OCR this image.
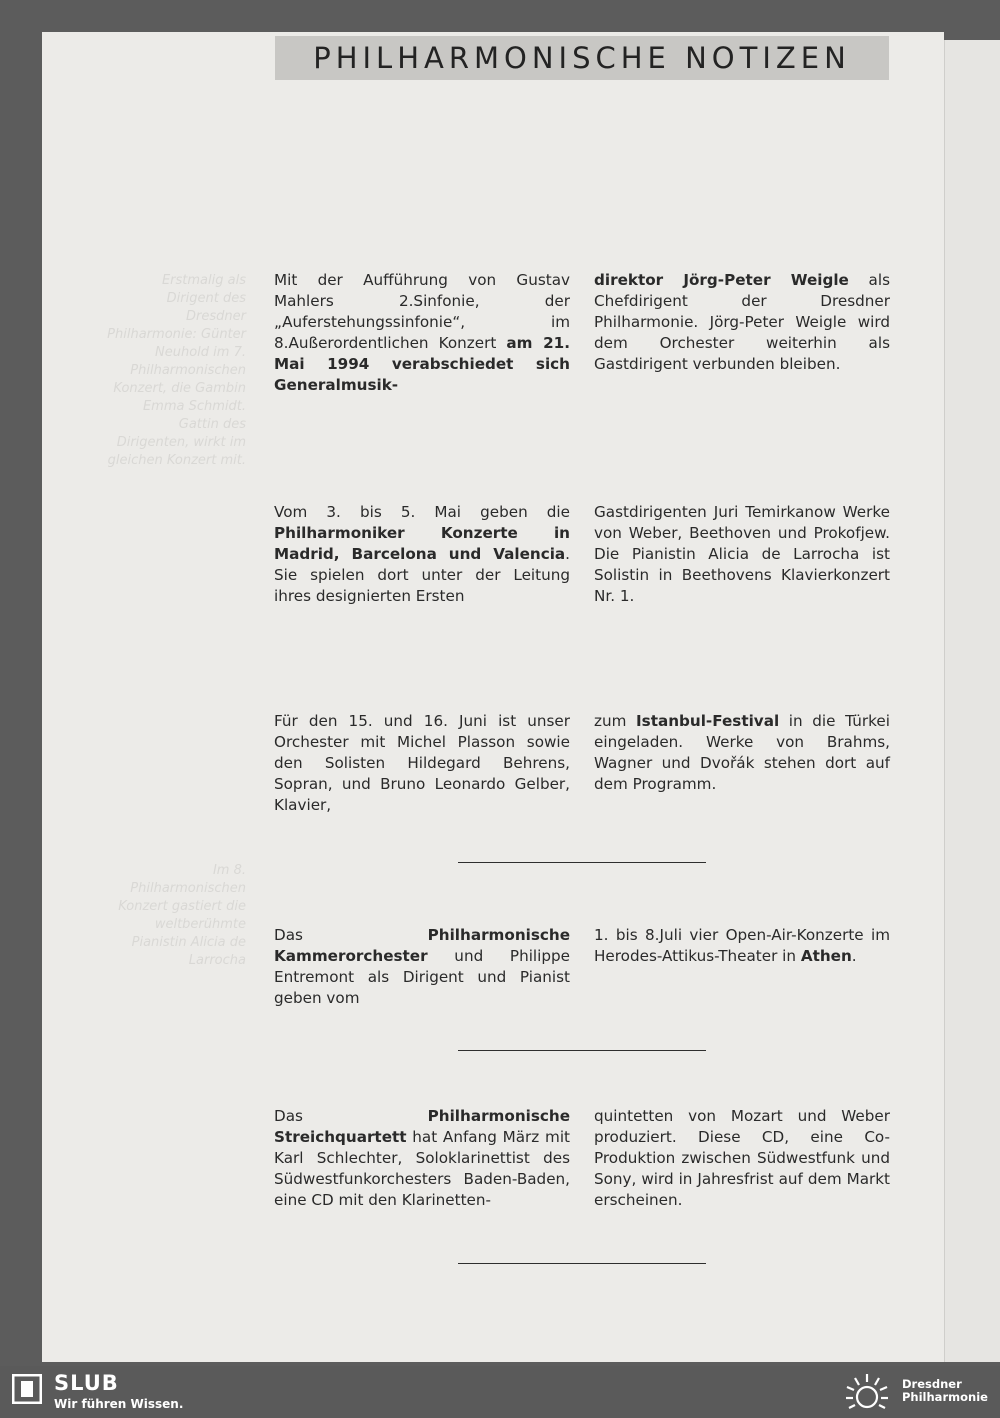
PHILHARMONISCHE NOTIZEN
Erstmalig als Dirigent des Dresdner Philharmonie: Günter Neuhold im 7. Philharmonischen Konzert, die Gambin Emma Schmidt. Gattin des Dirigenten, wirkt im gleichen Konzert mit.
Im 8. Philharmonischen Konzert gastiert die weltberühmte Pianistin Alicia de Larrocha
Mit der Aufführung von Gustav Mahlers 2.Sinfonie, der „Auferstehungssinfonie“, im 8.Außerordentlichen Konzert am 21. Mai 1994 verabschiedet sich Generalmusik-
direktor Jörg-Peter Weigle als Chefdirigent der Dresdner Philharmonie. Jörg-Peter Weigle wird dem Orchester weiterhin als Gastdirigent verbunden bleiben.
Vom 3. bis 5. Mai geben die Philharmoniker Konzerte in Madrid, Barcelona und Valencia. Sie spielen dort unter der Leitung ihres designierten Ersten
Gastdirigenten Juri Temirkanow Werke von Weber, Beethoven und Prokofjew. Die Pianistin Alicia de Larrocha ist Solistin in Beethovens Klavierkonzert Nr. 1.
Für den 15. und 16. Juni ist unser Orchester mit Michel Plasson sowie den Solisten Hildegard Behrens, Sopran, und Bruno Leonardo Gelber, Klavier,
zum Istanbul-Festival in die Türkei eingeladen. Werke von Brahms, Wagner und Dvořák stehen dort auf dem Programm.
Das Philharmonische Kammerorchester und Philippe Entremont als Dirigent und Pianist geben vom
1. bis 8.Juli vier Open-Air-Konzerte im Herodes-Attikus-Theater in Athen.
Das Philharmonische Streichquartett hat Anfang März mit Karl Schlechter, Soloklarinettist des Südwestfunkorchesters Baden-Baden, eine CD mit den Klarinetten-
quintetten von Mozart und Weber produziert. Diese CD, eine Co-Produktion zwischen Südwestfunk und Sony, wird in Jahresfrist auf dem Markt erscheinen.
SLUB
Wir führen Wissen.
Dresdner
Philharmonie
